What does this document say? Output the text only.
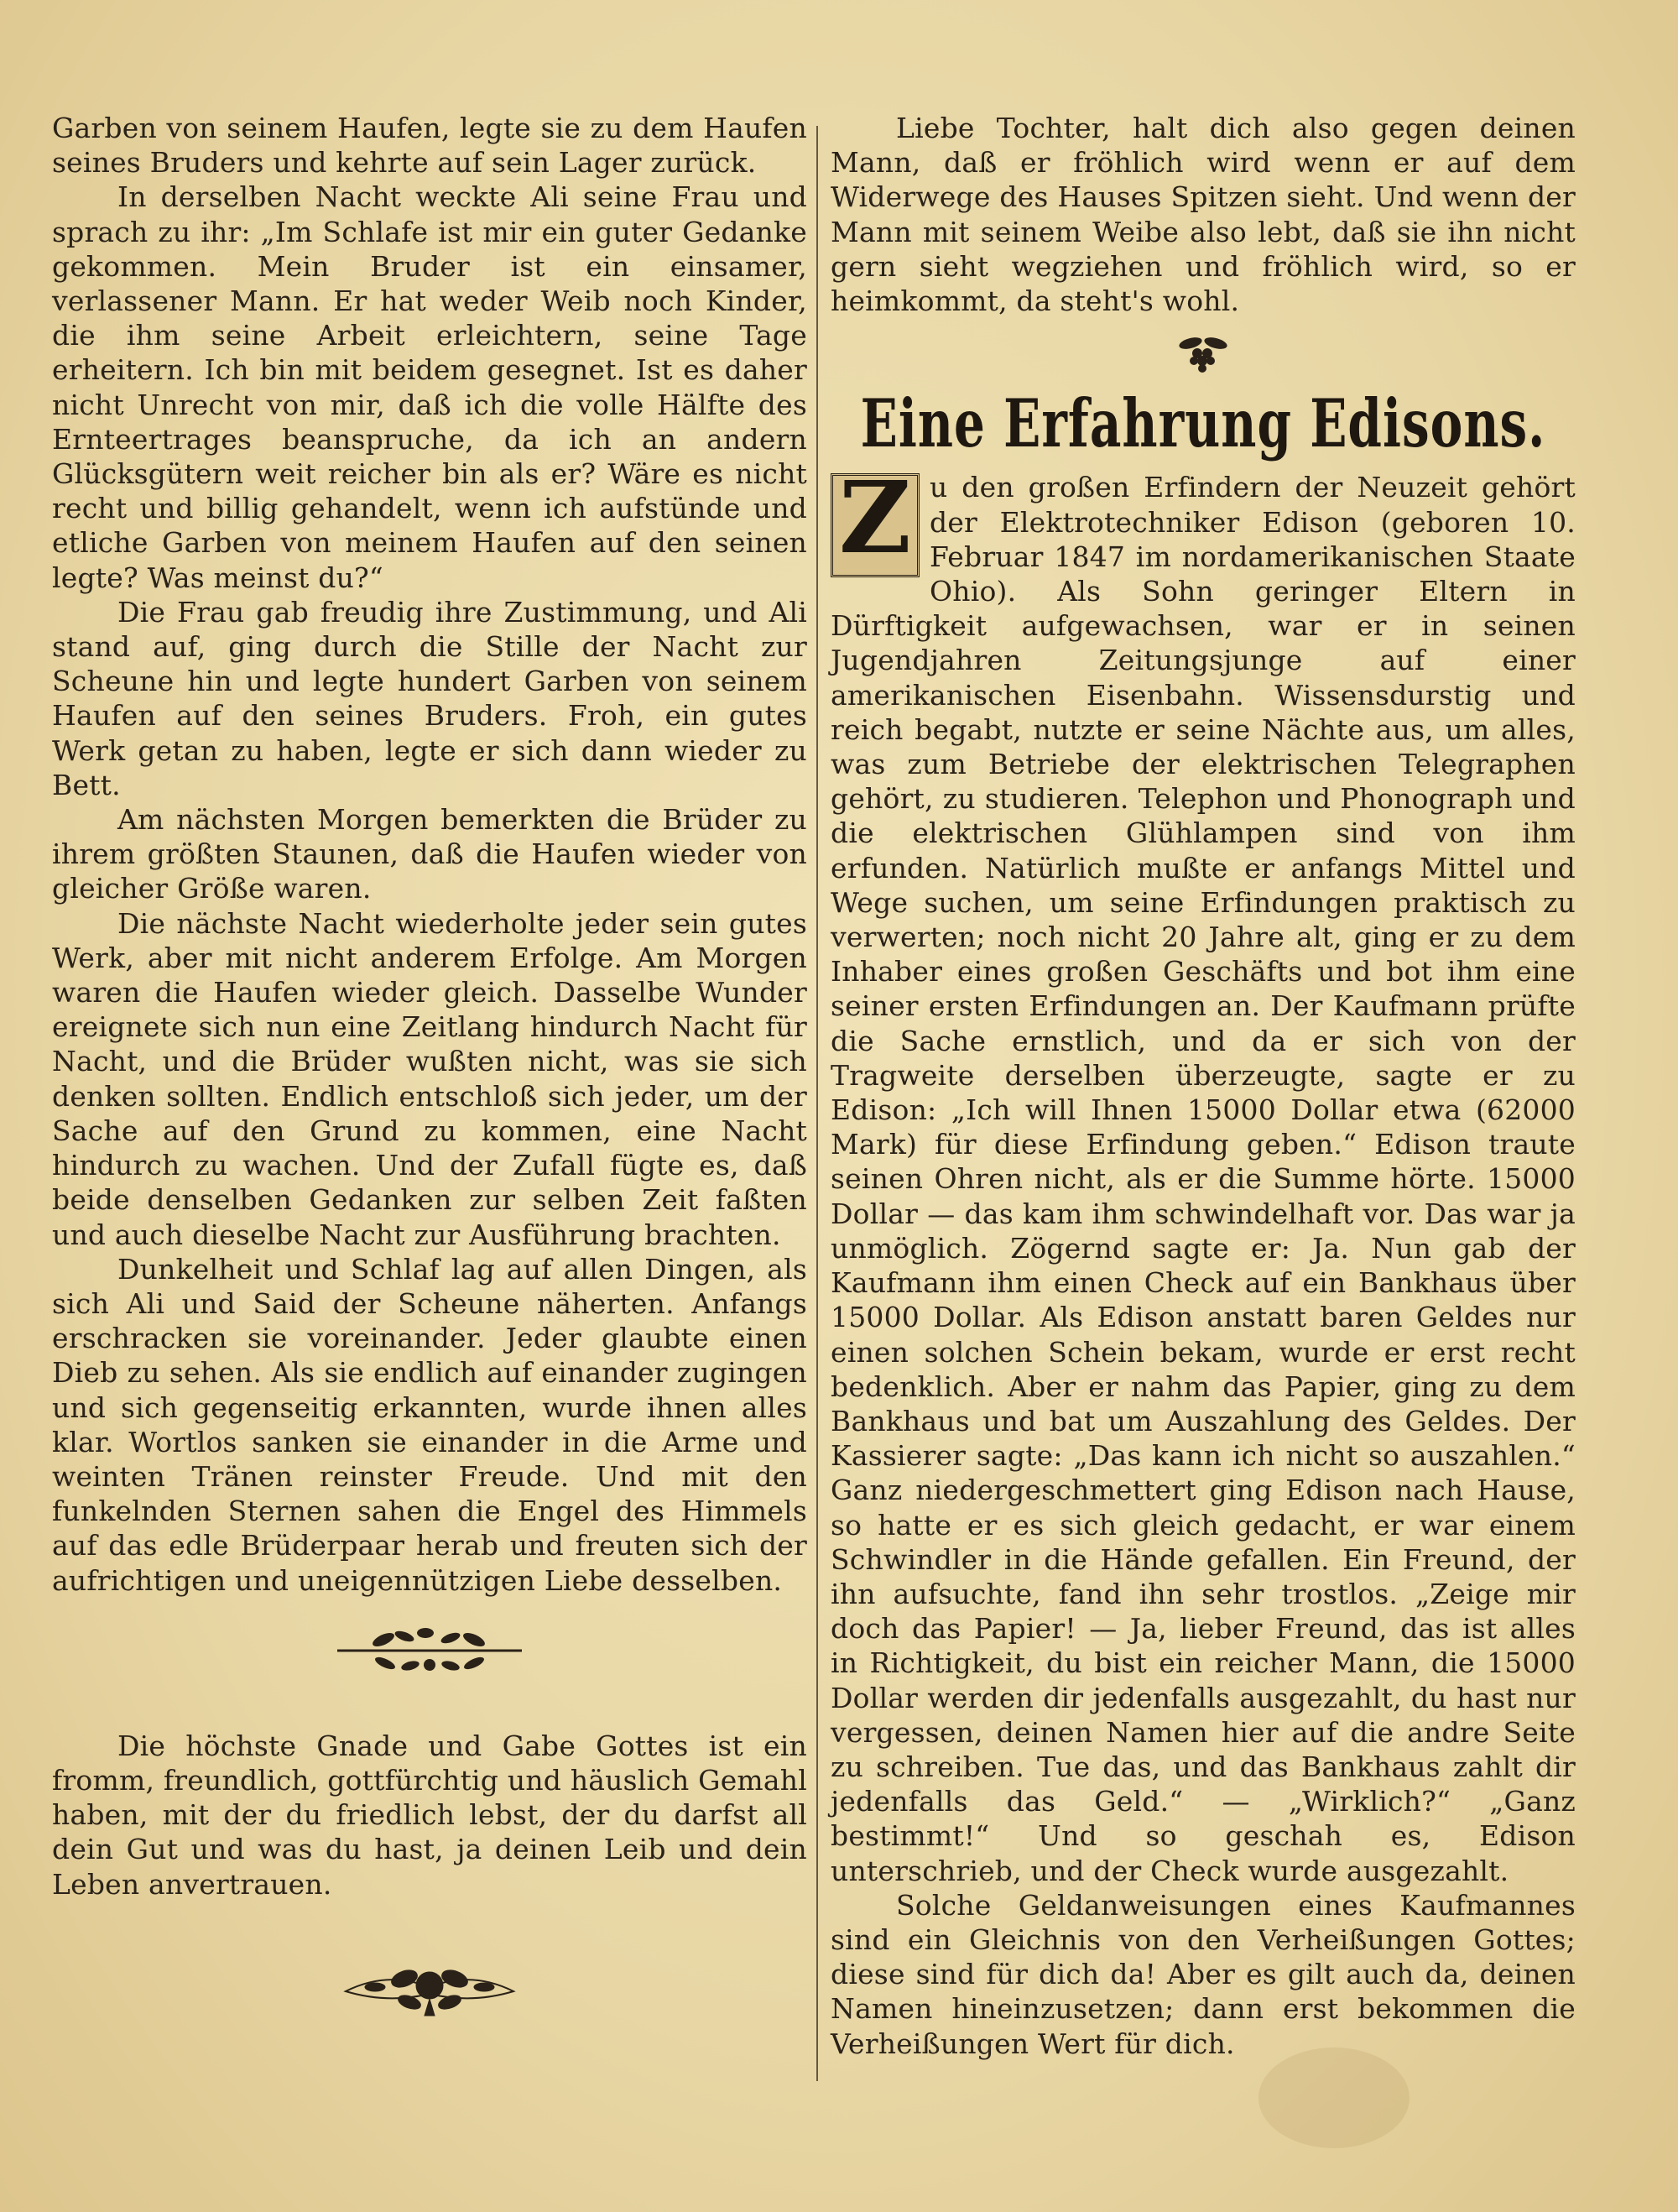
Garben von seinem Haufen, legte sie zu dem Haufen seines Bruders und kehrte auf sein Lager zurück.

In derselben Nacht weckte Ali seine Frau und sprach zu ihr: „Im Schlafe ist mir ein guter Gedanke gekommen. Mein Bruder ist ein einsamer, verlassener Mann. Er hat weder Weib noch Kinder, die ihm seine Arbeit erleichtern, seine Tage erheitern. Ich bin mit beidem gesegnet. Ist es daher nicht Unrecht von mir, daß ich die volle Hälfte des Ernteertrages beanspruche, da ich an andern Glücksgütern weit reicher bin als er? Wäre es nicht recht und billig gehandelt, wenn ich aufstünde und etliche Garben von meinem Haufen auf den seinen legte? Was meinst du?“

Die Frau gab freudig ihre Zustimmung, und Ali stand auf, ging durch die Stille der Nacht zur Scheune hin und legte hundert Garben von seinem Haufen auf den seines Bruders. Froh, ein gutes Werk getan zu haben, legte er sich dann wieder zu Bett.

Am nächsten Morgen bemerkten die Brüder zu ihrem größten Staunen, daß die Haufen wieder von gleicher Größe waren.

Die nächste Nacht wiederholte jeder sein gutes Werk, aber mit nicht anderem Erfolge. Am Morgen waren die Haufen wieder gleich. Dasselbe Wunder ereignete sich nun eine Zeitlang hindurch Nacht für Nacht, und die Brüder wußten nicht, was sie sich denken sollten. Endlich entschloß sich jeder, um der Sache auf den Grund zu kommen, eine Nacht hindurch zu wachen. Und der Zufall fügte es, daß beide denselben Gedanken zur selben Zeit faßten und auch dieselbe Nacht zur Ausführung brachten.

Dunkelheit und Schlaf lag auf allen Dingen, als sich Ali und Said der Scheune näherten. Anfangs erschracken sie voreinander. Jeder glaubte einen Dieb zu sehen. Als sie endlich auf einander zugingen und sich gegenseitig erkannten, wurde ihnen alles klar. Wortlos sanken sie einander in die Arme und weinten Tränen reinster Freude. Und mit den funkelnden Sternen sahen die Engel des Himmels auf das edle Brüderpaar herab und freuten sich der aufrichtigen und uneigennützigen Liebe desselben.

Die höchste Gnade und Gabe Gottes ist ein fromm, freundlich, gottfürchtig und häuslich Gemahl haben, mit der du friedlich lebst, der du darfst all dein Gut und was du hast, ja deinen Leib und dein Leben anvertrauen.

Liebe Tochter, halt dich also gegen deinen Mann, daß er fröhlich wird wenn er auf dem Widerwege des Hauses Spitzen sieht. Und wenn der Mann mit seinem Weibe also lebt, daß sie ihn nicht gern sieht wegziehen und fröhlich wird, so er heimkommt, da steht's wohl.

Eine Erfahrung Edisons.

Z u den großen Erfindern der Neuzeit gehört der Elektrotechniker Edison (geboren 10. Februar 1847 im nordamerikanischen Staate Ohio). Als Sohn geringer Eltern in Dürftigkeit aufgewachsen, war er in seinen Jugendjahren Zeitungsjunge auf einer amerikanischen Eisenbahn. Wissensdurstig und reich begabt, nutzte er seine Nächte aus, um alles, was zum Betriebe der elektrischen Telegraphen gehört, zu studieren. Telephon und Phonograph und die elektrischen Glühlampen sind von ihm erfunden. Natürlich mußte er anfangs Mittel und Wege suchen, um seine Erfindungen praktisch zu verwerten; noch nicht 20 Jahre alt, ging er zu dem Inhaber eines großen Geschäfts und bot ihm eine seiner ersten Erfindungen an. Der Kaufmann prüfte die Sache ernstlich, und da er sich von der Tragweite derselben überzeugte, sagte er zu Edison: „Ich will Ihnen 15000 Dollar etwa (62000 Mark) für diese Erfindung geben.“ Edison traute seinen Ohren nicht, als er die Summe hörte. 15000 Dollar — das kam ihm schwindelhaft vor. Das war ja unmöglich. Zögernd sagte er: Ja. Nun gab der Kaufmann ihm einen Check auf ein Bankhaus über 15000 Dollar. Als Edison anstatt baren Geldes nur einen solchen Schein bekam, wurde er erst recht bedenklich. Aber er nahm das Papier, ging zu dem Bankhaus und bat um Auszahlung des Geldes. Der Kassierer sagte: „Das kann ich nicht so auszahlen.“ Ganz niedergeschmettert ging Edison nach Hause, so hatte er es sich gleich gedacht, er war einem Schwindler in die Hände gefallen. Ein Freund, der ihn aufsuchte, fand ihn sehr trostlos. „Zeige mir doch das Papier! — Ja, lieber Freund, das ist alles in Richtigkeit, du bist ein reicher Mann, die 15000 Dollar werden dir jedenfalls ausgezahlt, du hast nur vergessen, deinen Namen hier auf die andre Seite zu schreiben. Tue das, und das Bankhaus zahlt dir jedenfalls das Geld.“ — „Wirklich?“ „Ganz bestimmt!“ Und so geschah es, Edison unterschrieb, und der Check wurde ausgezahlt.

Solche Geldanweisungen eines Kaufmannes sind ein Gleichnis von den Verheißungen Gottes; diese sind für dich da! Aber es gilt auch da, deinen Namen hineinzusetzen; dann erst bekommen die Verheißungen Wert für dich.
